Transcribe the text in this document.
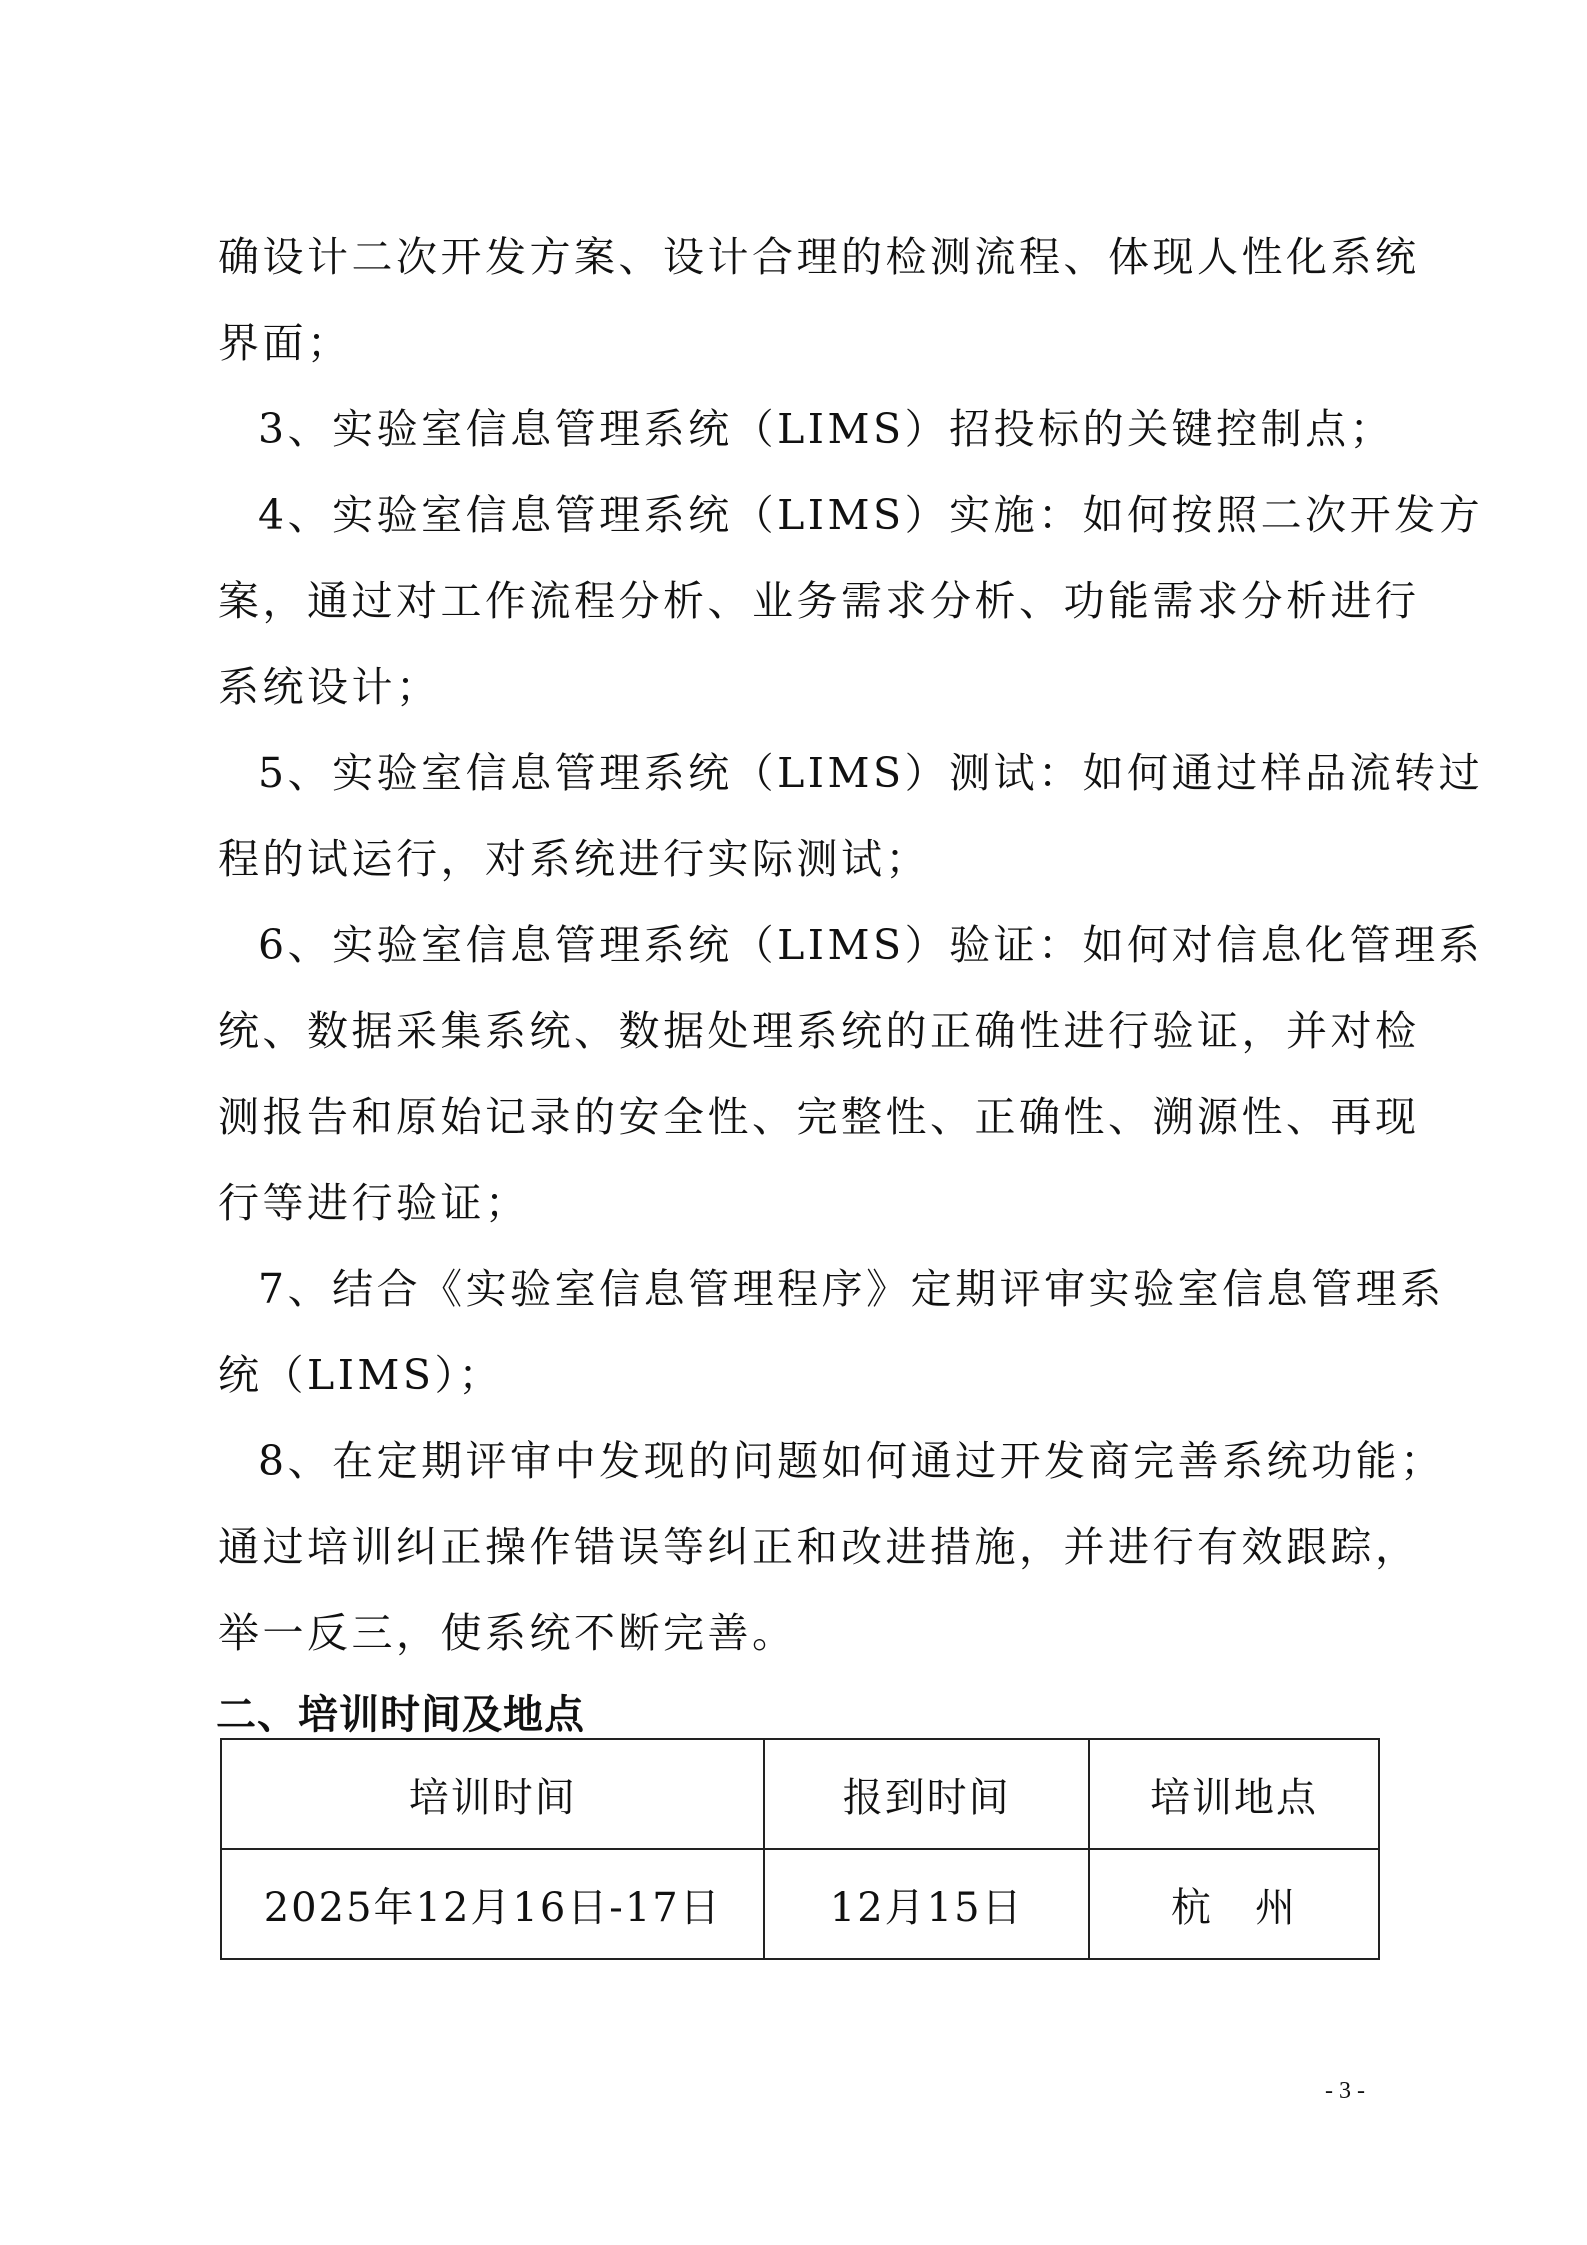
确设计二次开发方案、设计合理的检测流程、体现人性化系统
界面；
3、实验室信息管理系统（LIMS）招投标的关键控制点；
4、实验室信息管理系统（LIMS）实施：如何按照二次开发方
案，通过对工作流程分析、业务需求分析、功能需求分析进行
系统设计；
5、实验室信息管理系统（LIMS）测试：如何通过样品流转过
程的试运行，对系统进行实际测试；
6、实验室信息管理系统（LIMS）验证：如何对信息化管理系
统、数据采集系统、数据处理系统的正确性进行验证，并对检
测报告和原始记录的安全性、完整性、正确性、溯源性、再现
行等进行验证；
7、结合《实验室信息管理程序》定期评审实验室信息管理系
统（LIMS）；
8、在定期评审中发现的问题如何通过开发商完善系统功能；
通过培训纠正操作错误等纠正和改进措施，并进行有效跟踪，
举一反三，使系统不断完善。
二、培训时间及地点
培训时间	报到时间	培训地点
2025年12月16日-17日	12月15日	杭　州
- 3 -
